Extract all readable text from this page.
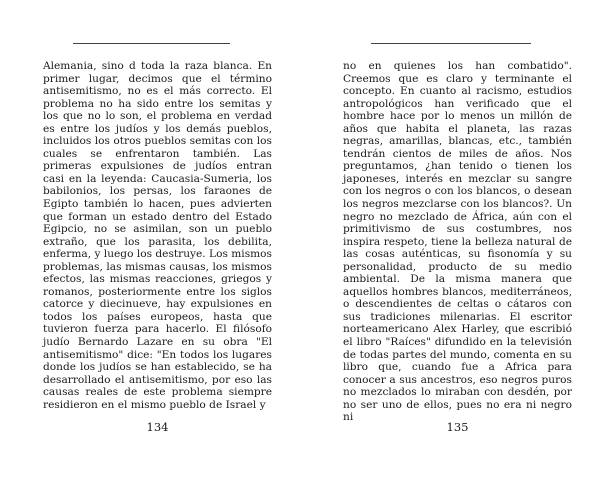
Alemania, sino d toda la raza blanca. En primer lugar, decimos que el término antisemitismo, no es el más correcto. El problema no ha sido entre los semitas y los que no lo son, el problema en verdad es entre los judíos y los demás pueblos, incluidos los otros pueblos semitas con los cuales se enfrentaron también. Las primeras expulsiones de judíos entran casi en la leyenda: Caucasia-Sumeria, los babilonios, los persas, los faraones de Egipto también lo hacen, pues advierten que forman un estado dentro del Estado Egipcio, no se asimilan, son un pueblo extraño, que los parasita, los debilita, enferma, y luego los destruye. Los mismos problemas, las mismas causas, los mismos efectos, las mismas reacciones, griegos y romanos, posteriormente entre los siglos catorce y diecinueve, hay expulsiones en todos los países europeos, hasta que tuvieron fuerza para hacerlo. El filósofo judío Bernardo Lazare en su obra "El antisemitismo" dice: "En todos los lugares donde los judíos se han establecido, se ha desarrollado el antisemitismo, por eso las causas reales de este problema siempre residieron en el mismo pueblo de Israel y

134

no en quienes los han combatido". Creemos que es claro y terminante el concepto. En cuanto al racismo, estudios antropológicos han verificado que el hombre hace por lo menos un millón de años que habita el planeta, las razas negras, amarillas, blancas, etc., también tendrán cientos de miles de años. Nos preguntamos, ¿han tenido o tienen los japoneses, interés en mezclar su sangre con los negros o con los blancos, o desean los negros mezclarse con los blancos?. Un negro no mezclado de África, aún con el primitivismo de sus costumbres, nos inspira respeto, tiene la belleza natural de las cosas auténticas, su fisonomía y su personalidad, producto de su medio ambiental. De la misma manera que aquellos hombres blancos, mediterráneos, o descendientes de celtas o cátaros con sus tradiciones milenarias. El escritor norteamericano Alex Harley, que escribió el libro "Raíces" difundido en la televisión de todas partes del mundo, comenta en su libro que, cuando fue a Africa para conocer a sus ancestros, eso negros puros no mezclados lo miraban con desdén, por no ser uno de ellos, pues no era ni negro ni

135
